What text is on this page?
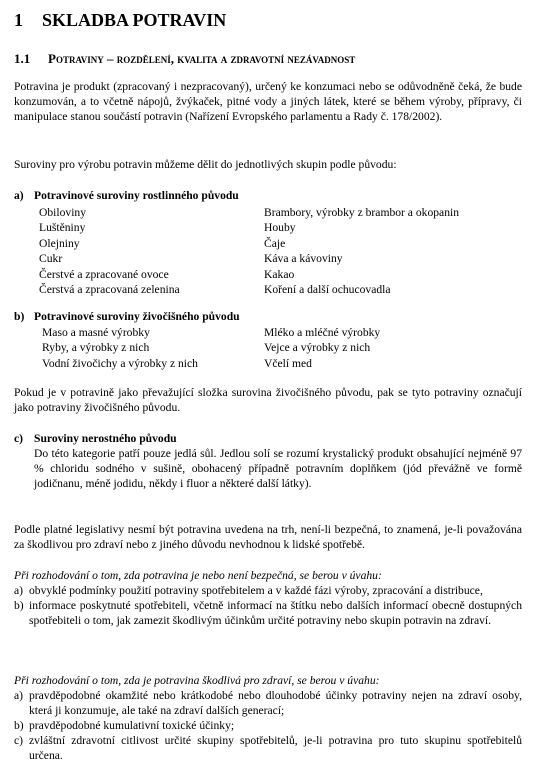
1 SKLADBA POTRAVIN
1.1 Potraviny – rozdělení, kvalita a zdravotní nezávadnost

Potravina je produkt (zpracovaný i nezpracovaný), určený ke konzumaci nebo se odůvodněně čeká, že bude konzumován, a to včetně nápojů, žvýkaček, pitné vody a jiných látek, které se během výroby, přípravy, či manipulace stanou součástí potravin (Nařízení Evropského parlamentu a Rady č. 178/2002).

Suroviny pro výrobu potravin můžeme dělit do jednotlivých skupin podle původu:

a) Potravinové suroviny rostlinného původu
Obiloviny	Brambory, výrobky z brambor a okopanin
Luštěniny	Houby
Olejniny	Čaje
Cukr	Káva a kávoviny
Čerstvé a zpracované ovoce	Kakao
Čerstvá a zpracovaná zelenina	Koření a další ochucovadla
b) Potravinové suroviny živočišného původu
Maso a masné výrobky	Mléko a mléčné výrobky
Ryby, a výrobky z nich	Vejce a výrobky z nich
Vodní živočichy a výrobky z nich	Včelí med

Pokud je v potravině jako převažující složka surovina živočišného původu, pak se tyto potraviny označují jako potraviny živočišného původu.

c) Suroviny nerostného původu
Do této kategorie patří pouze jedlá sůl. Jedlou solí se rozumí krystalický produkt obsahující nejméně 97 % chloridu sodného v sušině, obohacený případně potravním doplňkem (jód převážně ve formě jodičnanu, méně jodidu, někdy i fluor a některé další látky).

Podle platné legislativy nesmí být potravina uvedena na trh, není-li bezpečná, to znamená, je-li považována za škodlivou pro zdraví nebo z jiného důvodu nevhodnou k lidské spotřebě.

Při rozhodování o tom, zda potravina je nebo není bezpečná, se berou v úvahu:
a) obvyklé podmínky použití potraviny spotřebitelem a v každé fázi výroby, zpracování a distribuce,
b) informace poskytnuté spotřebiteli, včetně informací na štítku nebo dalších informací obecně dostupných spotřebiteli o tom, jak zamezit škodlivým účinkům určité potraviny nebo skupin potravin na zdraví.
Při rozhodování o tom, zda je potravina škodlivá pro zdraví, se berou v úvahu:
a) pravděpodobné okamžité nebo krátkodobé nebo dlouhodobé účinky potraviny nejen na zdraví osoby, která ji konzumuje, ale také na zdraví dalších generací;
b) pravděpodobné kumulativní toxické účinky;
c) zvláštní zdravotní citlivost určité skupiny spotřebitelů, je-li potravina pro tuto skupinu spotřebitelů určena.
